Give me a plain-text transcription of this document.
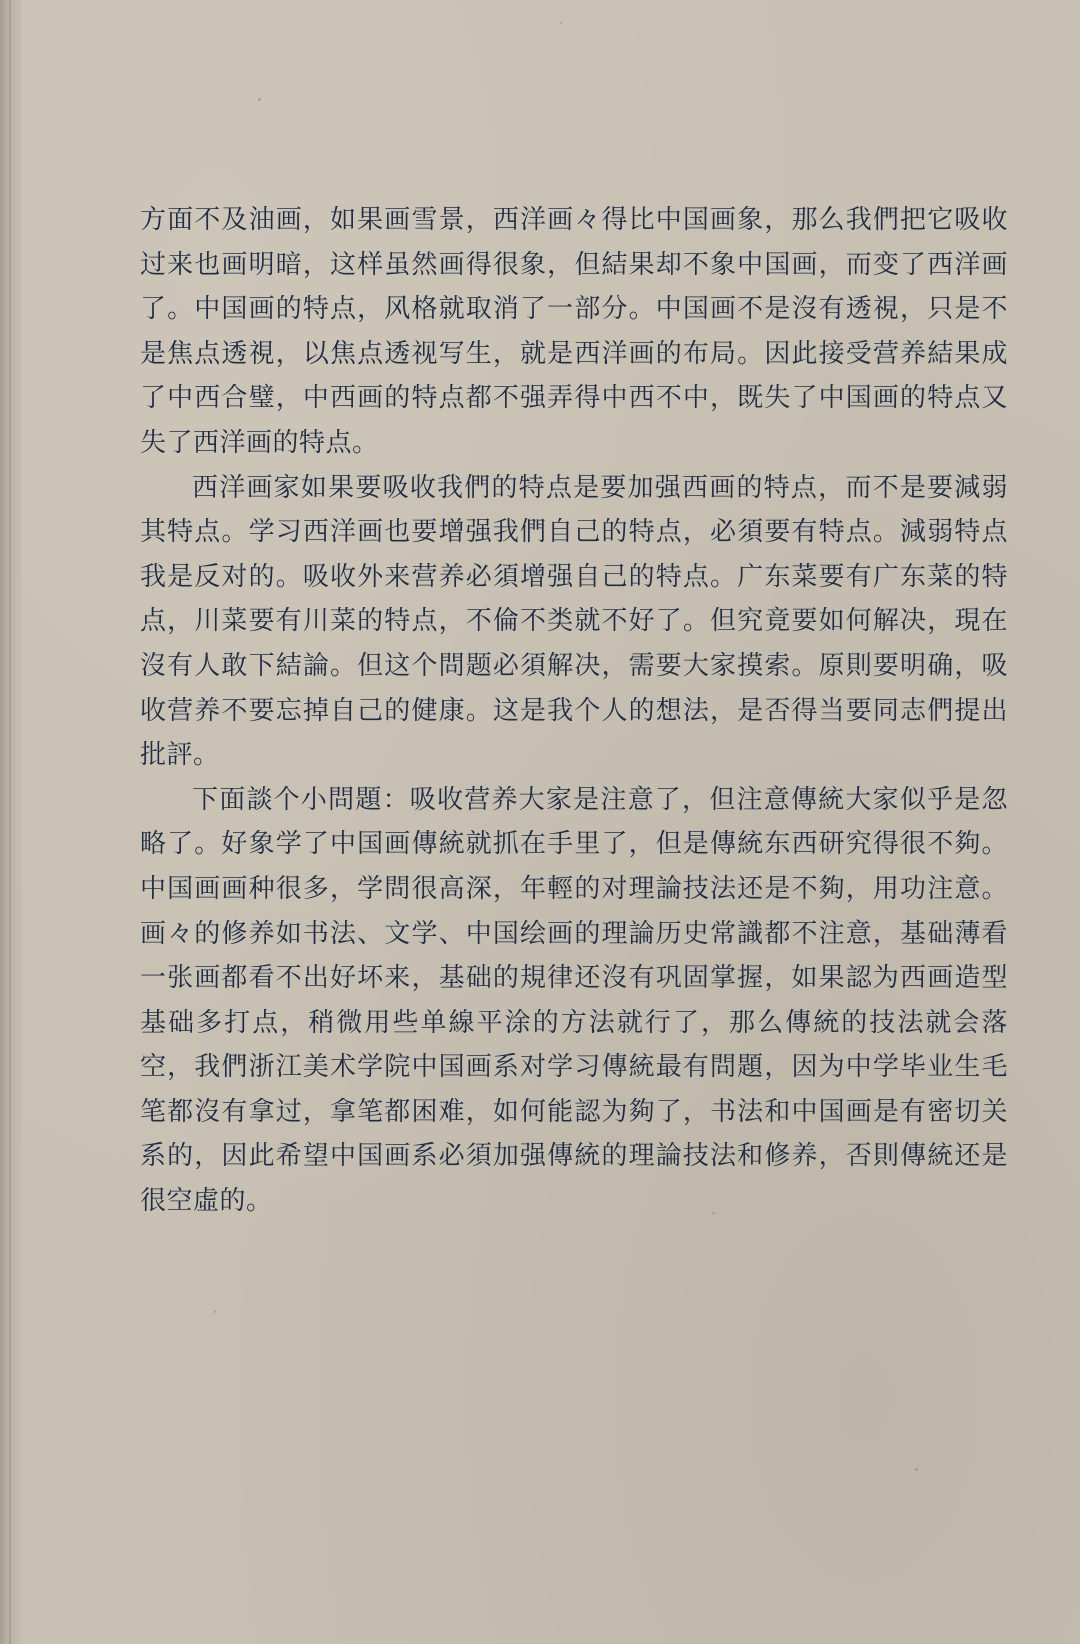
方面不及油画，如果画雪景，西洋画々得比中国画象，那么我們把它吸收过来也画明暗，这样虽然画得很象，但結果却不象中国画，而变了西洋画了。中国画的特点，风格就取消了一部分。中国画不是沒有透視，只是不是焦点透視，以焦点透视写生，就是西洋画的布局。因此接受营养結果成了中西合璧，中西画的特点都不强弄得中西不中，既失了中国画的特点又失了西洋画的特点。

西洋画家如果要吸收我們的特点是要加强西画的特点，而不是要減弱其特点。学习西洋画也要增强我們自己的特点，必須要有特点。減弱特点我是反对的。吸收外来营养必須增强自己的特点。广东菜要有广东菜的特点，川菜要有川菜的特点，不倫不类就不好了。但究竟要如何解决，現在沒有人敢下結論。但这个問题必須解决，需要大家摸索。原則要明确，吸收营养不要忘掉自己的健康。这是我个人的想法，是否得当要同志們提出批評。

下面談个小問題：吸收营养大家是注意了，但注意傳統大家似乎是忽略了。好象学了中国画傳統就抓在手里了，但是傳統东西研究得很不夠。中国画画种很多，学問很高深，年輕的对理論技法还是不夠，用功注意。画々的修养如书法、文学、中国绘画的理論历史常識都不注意，基础薄看一张画都看不出好坏来，基础的規律还沒有巩固掌握，如果認为西画造型基础多打点，稍微用些单線平涂的方法就行了，那么傳統的技法就会落空，我們浙江美术学院中国画系对学习傳統最有問題，因为中学毕业生毛笔都沒有拿过，拿笔都困难，如何能認为夠了，书法和中国画是有密切关系的，因此希望中国画系必須加强傳統的理論技法和修养，否則傳統还是很空虛的。
